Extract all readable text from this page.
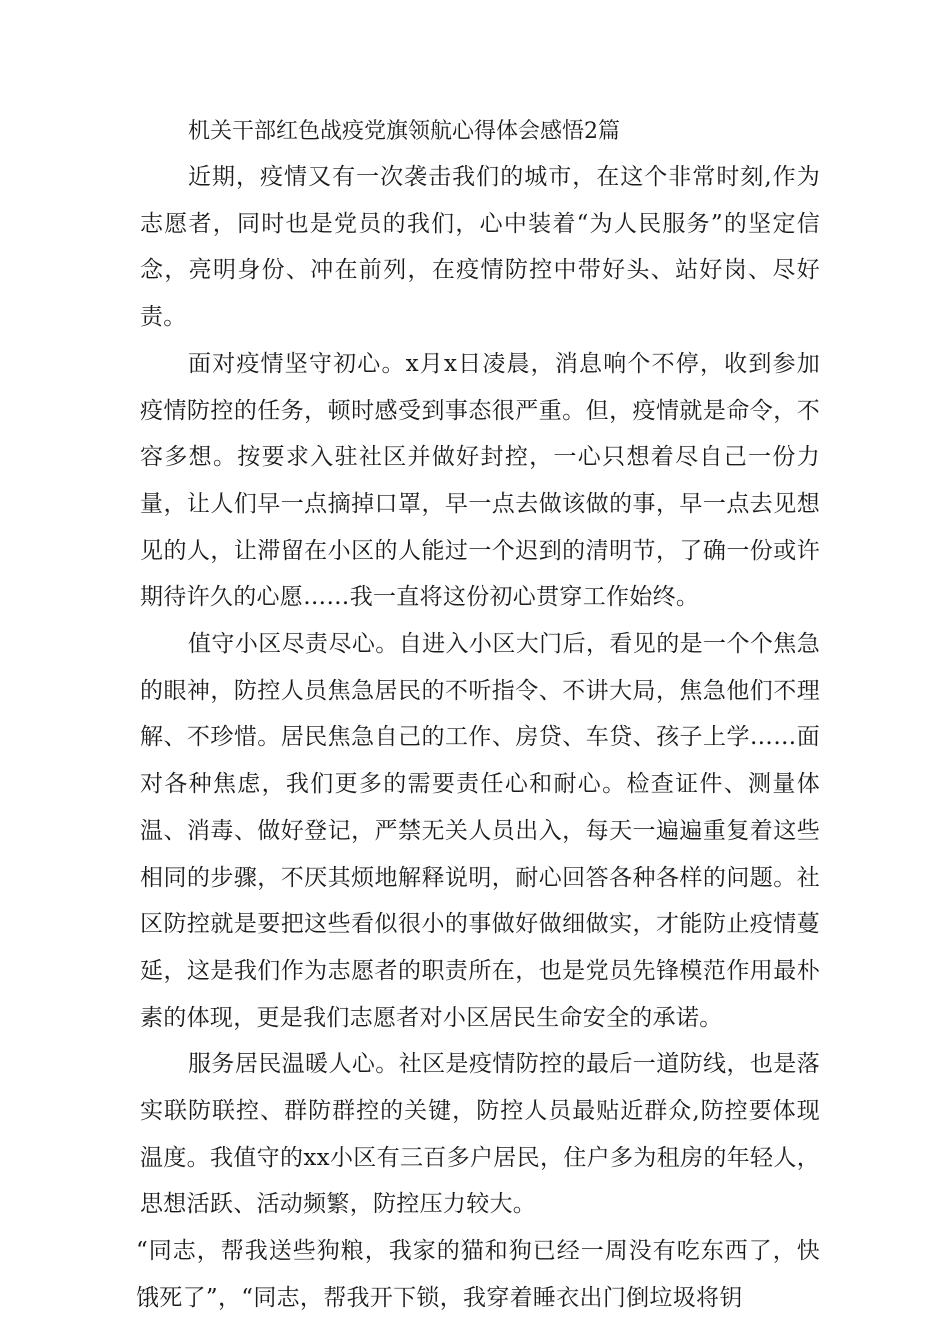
机关干部红色战疫党旗领航心得体会感悟2篇

近期，疫情又有一次袭击我们的城市，在这个非常时刻,作为志愿者，同时也是党员的我们，心中装着“为人民服务”的坚定信念，亮明身份、冲在前列，在疫情防控中带好头、站好岗、尽好责。

面对疫情坚守初心。x月x日凌晨，消息响个不停，收到参加疫情防控的任务，顿时感受到事态很严重。但，疫情就是命令，不容多想。按要求入驻社区并做好封控，一心只想着尽自己一份力量，让人们早一点摘掉口罩，早一点去做该做的事，早一点去见想见的人，让滞留在小区的人能过一个迟到的清明节，了确一份或许期待许久的心愿……我一直将这份初心贯穿工作始终。

值守小区尽责尽心。自进入小区大门后，看见的是一个个焦急的眼神，防控人员焦急居民的不听指令、不讲大局，焦急他们不理解、不珍惜。居民焦急自己的工作、房贷、车贷、孩子上学……面对各种焦虑，我们更多的需要责任心和耐心。检查证件、测量体温、消毒、做好登记，严禁无关人员出入，每天一遍遍重复着这些相同的步骤，不厌其烦地解释说明，耐心回答各种各样的问题。社区防控就是要把这些看似很小的事做好做细做实，才能防止疫情蔓延，这是我们作为志愿者的职责所在，也是党员先锋模范作用最朴素的体现，更是我们志愿者对小区居民生命安全的承诺。

服务居民温暖人心。社区是疫情防控的最后一道防线，也是落实联防联控、群防群控的关键，防控人员最贴近群众,防控要体现温度。我值守的xx小区有三百多户居民，住户多为租房的年轻人，思想活跃、活动频繁，防控压力较大。

“同志，帮我送些狗粮，我家的猫和狗已经一周没有吃东西了，快饿死了”，“同志，帮我开下锁，我穿着睡衣出门倒垃圾将钥
